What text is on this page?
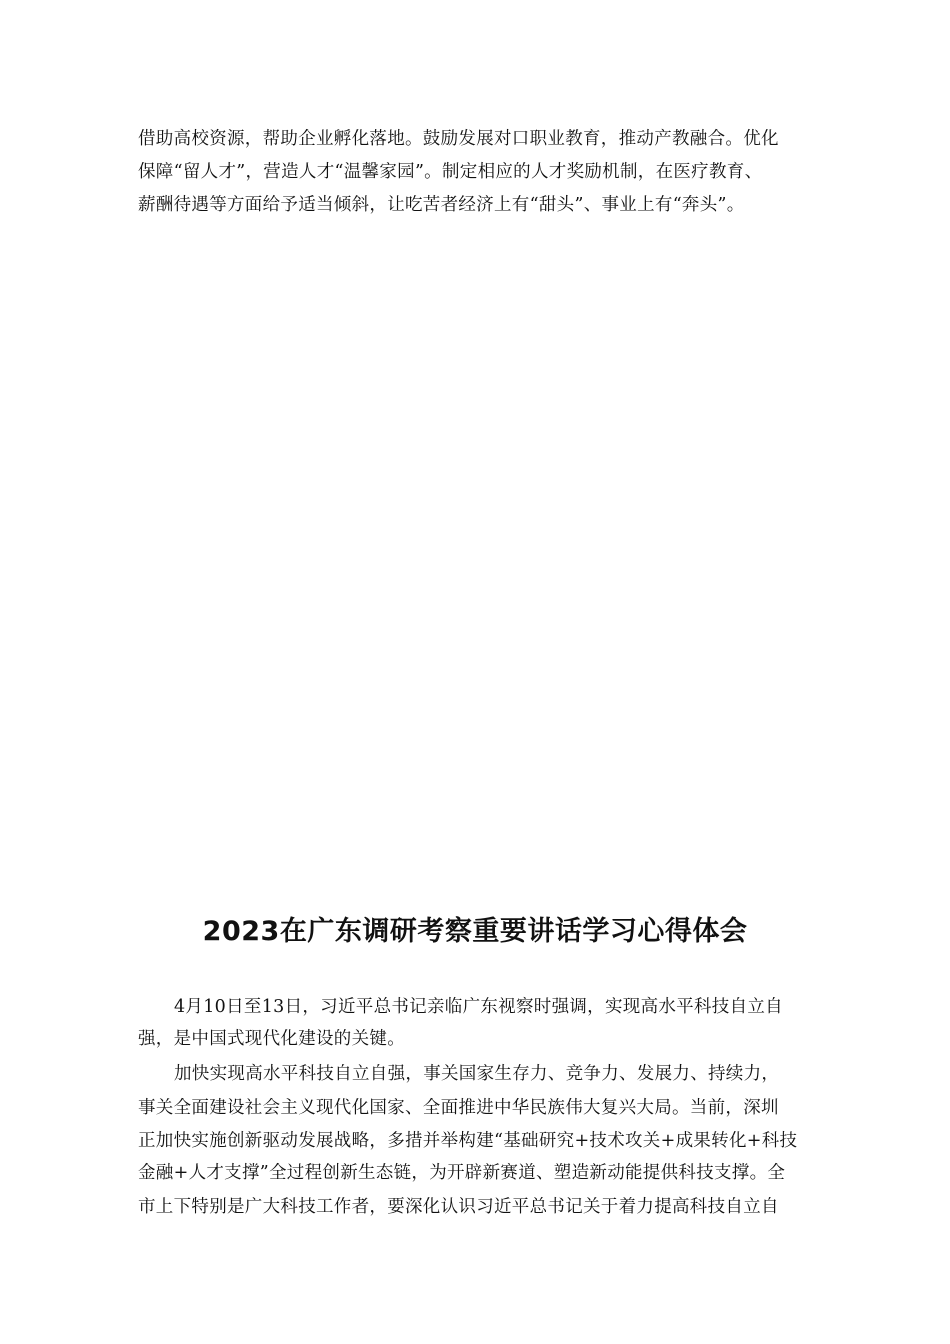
借助高校资源，帮助企业孵化落地。鼓励发展对口职业教育，推动产教融合。优化
保障“留人才”，营造人才“温馨家园”。制定相应的人才奖励机制，在医疗教育、
薪酬待遇等方面给予适当倾斜，让吃苦者经济上有“甜头”、事业上有“奔头”。
2023在广东调研考察重要讲话学习心得体会
4月10日至13日，习近平总书记亲临广东视察时强调，实现高水平科技自立自
强，是中国式现代化建设的关键。
加快实现高水平科技自立自强，事关国家生存力、竞争力、发展力、持续力，
事关全面建设社会主义现代化国家、全面推进中华民族伟大复兴大局。当前，深圳
正加快实施创新驱动发展战略，多措并举构建“基础研究+技术攻关+成果转化+科技
金融+人才支撑”全过程创新生态链，为开辟新赛道、塑造新动能提供科技支撑。全
市上下特别是广大科技工作者，要深化认识习近平总书记关于着力提高科技自立自
